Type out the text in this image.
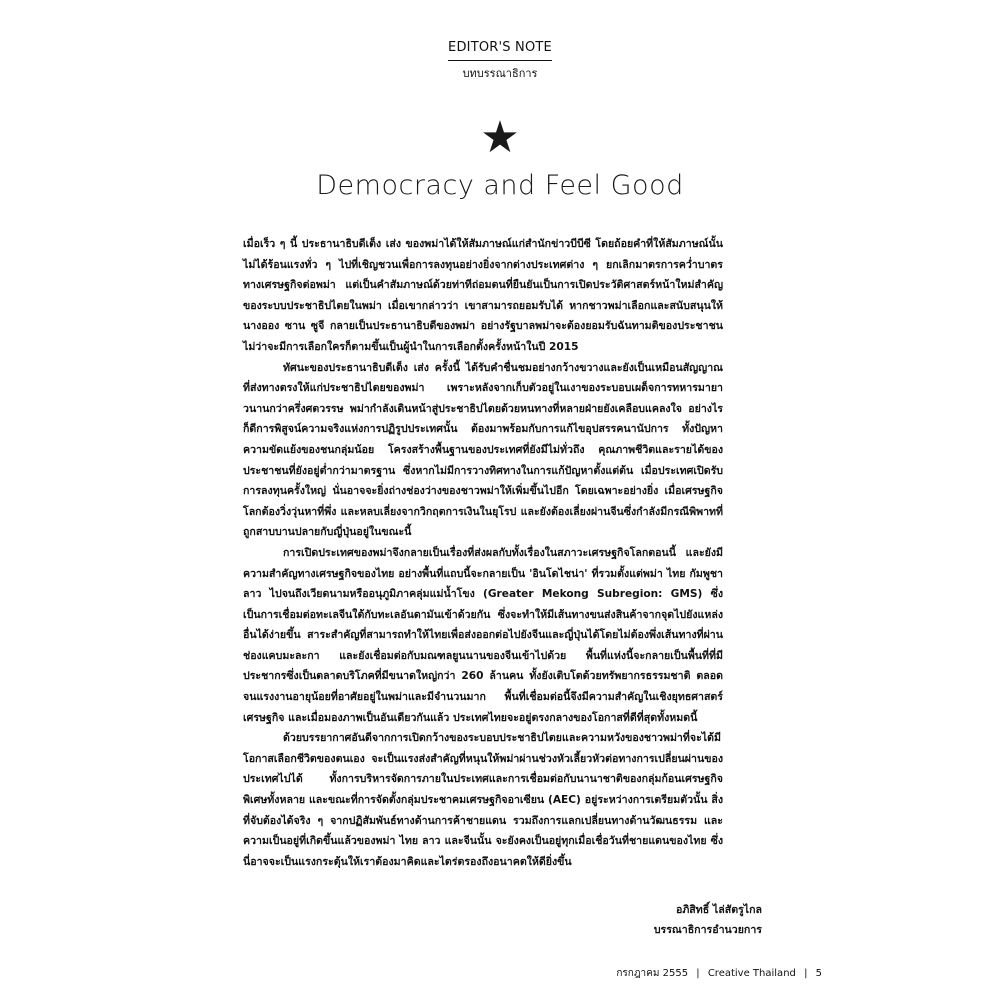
EDITOR'S NOTE
บทบรรณาธิการ
★
Democracy and Feel Good

เมื่อเร็ว ๆ นี้ ประธานาธิบดีเต็ง เส่ง ของพม่าได้ให้สัมภาษณ์แก่สำนักข่าวบีบีซี โดยถ้อยคำที่ให้สัมภาษณ์นั้นไม่ได้ร้อนแรงทั่ว ๆ ไปที่เชิญชวนเพื่อการลงทุนอย่างยิ่งจากต่างประเทศต่าง ๆ ยกเลิกมาตรการคว่ำบาตรทางเศรษฐกิจต่อพม่า แต่เป็นคำสัมภาษณ์ด้วยท่าทีถ่อมตนที่ยืนยันเป็นการเปิดประวัติศาสตร์หน้าใหม่สำคัญของระบบประชาธิปไตยในพม่า เมื่อเขากล่าวว่า เขาสามารถยอมรับได้ หากชาวพม่าเลือกและสนับสนุนให้นางออง ซาน ซูจี กลายเป็นประธานาธิบดีของพม่า อย่างรัฐบาลพม่าจะต้องยอมรับฉันทามติของประชาชน ไม่ว่าจะมีการเลือกใครก็ตามขึ้นเป็นผู้นำในการเลือกตั้งครั้งหน้าในปี 2015

ทัศนะของประธานาธิบดีเต็ง เส่ง ครั้งนี้ ได้รับคำชื่นชมอย่างกว้างขวางและยังเป็นเหมือนสัญญาณที่ส่งทางตรงให้แก่ประชาธิปไตยของพม่า เพราะหลังจากเก็บตัวอยู่ในเงาของระบอบเผด็จการทหารมายาวนานกว่าครึ่งศตวรรษ พม่ากำลังเดินหน้าสู่ประชาธิปไตยด้วยหนทางที่หลายฝ่ายยังเคลือบแคลงใจ อย่างไรก็ดีการพิสูจน์ความจริงแห่งการปฏิรูปประเทศนั้น ต้องมาพร้อมกับการแก้ไขอุปสรรคนานัปการ ทั้งปัญหาความขัดแย้งของชนกลุ่มน้อย โครงสร้างพื้นฐานของประเทศที่ยังมีไม่ทั่วถึง คุณภาพชีวิตและรายได้ของประชาชนที่ยังอยู่ต่ำกว่ามาตรฐาน ซึ่งหากไม่มีการวางทิศทางในการแก้ปัญหาตั้งแต่ต้น เมื่อประเทศเปิดรับการลงทุนครั้งใหญ่ นั่นอาจจะยิ่งถ่างช่องว่างของชาวพม่าให้เพิ่มขึ้นไปอีก โดยเฉพาะอย่างยิ่ง เมื่อเศรษฐกิจโลกต้องวิ่งวุ่นหาที่พึ่ง และหลบเลี่ยงจากวิกฤตการเงินในยุโรป และยังต้องเลี่ยงผ่านจีนซึ่งกำลังมีกรณีพิพาทที่ถูกสาบบานปลายกับญี่ปุ่นอยู่ในขณะนี้

การเปิดประเทศของพม่าจึงกลายเป็นเรื่องที่ส่งผลกับทั้งเรื่องในสภาวะเศรษฐกิจโลกตอนนี้ และยังมีความสำคัญทางเศรษฐกิจของไทย อย่างพื้นที่แถบนี้จะกลายเป็น 'อินโดไชน่า' ที่รวมตั้งแต่พม่า ไทย กัมพูชา ลาว ไปจนถึงเวียดนามหรืออนุภูมิภาคลุ่มแม่น้ำโขง (Greater Mekong Subregion: GMS) ซึ่งเป็นการเชื่อมต่อทะเลจีนใต้กับทะเลอันดามันเข้าด้วยกัน ซึ่งจะทำให้มีเส้นทางขนส่งสินค้าจากจุดไปยังแหล่งอื่นได้ง่ายขึ้น สาระสำคัญที่สามารถทำให้ไทยเพื่อส่งออกต่อไปยังจีนและญี่ปุ่นได้โดยไม่ต้องพึ่งเส้นทางที่ผ่านช่องแคบมะละกา และยังเชื่อมต่อกับมณฑลยูนนานของจีนเข้าไปด้วย พื้นที่แห่งนี้จะกลายเป็นพื้นที่ที่มีประชากรซึ่งเป็นตลาดบริโภคที่มีขนาดใหญ่กว่า 260 ล้านคน ทั้งยังเติบโตด้วยทรัพยากรธรรมชาติ ตลอดจนแรงงานอายุน้อยที่อาศัยอยู่ในพม่าและมีจำนวนมาก พื้นที่เชื่อมต่อนี้จึงมีความสำคัญในเชิงยุทธศาสตร์เศรษฐกิจ และเมื่อมองภาพเป็นอันเดียวกันแล้ว ประเทศไทยจะอยู่ตรงกลางของโอกาสที่ดีที่สุดทั้งหมดนี้

ด้วยบรรยากาศอันดีจากการเปิดกว้างของระบอบประชาธิปไตยและความหวังของชาวพม่าที่จะได้มีโอกาสเลือกชีวิตของตนเอง จะเป็นแรงส่งสำคัญที่หนุนให้พม่าผ่านช่วงหัวเลี้ยวหัวต่อทางการเปลี่ยนผ่านของประเทศไปได้ ทั้งการบริหารจัดการภายในประเทศและการเชื่อมต่อกับนานาชาติของกลุ่มก้อนเศรษฐกิจพิเศษทั้งหลาย และขณะที่การจัดตั้งกลุ่มประชาคมเศรษฐกิจอาเซียน (AEC) อยู่ระหว่างการเตรียมตัวนั้น สิ่งที่จับต้องได้จริง ๆ จากปฏิสัมพันธ์ทางด้านการค้าชายแดน รวมถึงการแลกเปลี่ยนทางด้านวัฒนธรรม และความเป็นอยู่ที่เกิดขึ้นแล้วของพม่า ไทย ลาว และจีนนั้น จะยังคงเป็นอยู่ทุกเมื่อเชื่อวันที่ชายแดนของไทย ซึ่งนี่อาจจะเป็นแรงกระตุ้นให้เราต้องมาคิดและไตร่ตรองถึงอนาคตให้ดียิ่งขึ้น

อภิสิทธิ์ ไล่สัตรูไกล
บรรณาธิการอำนวยการ
กรกฎาคม 2555 | Creative Thailand | 5
